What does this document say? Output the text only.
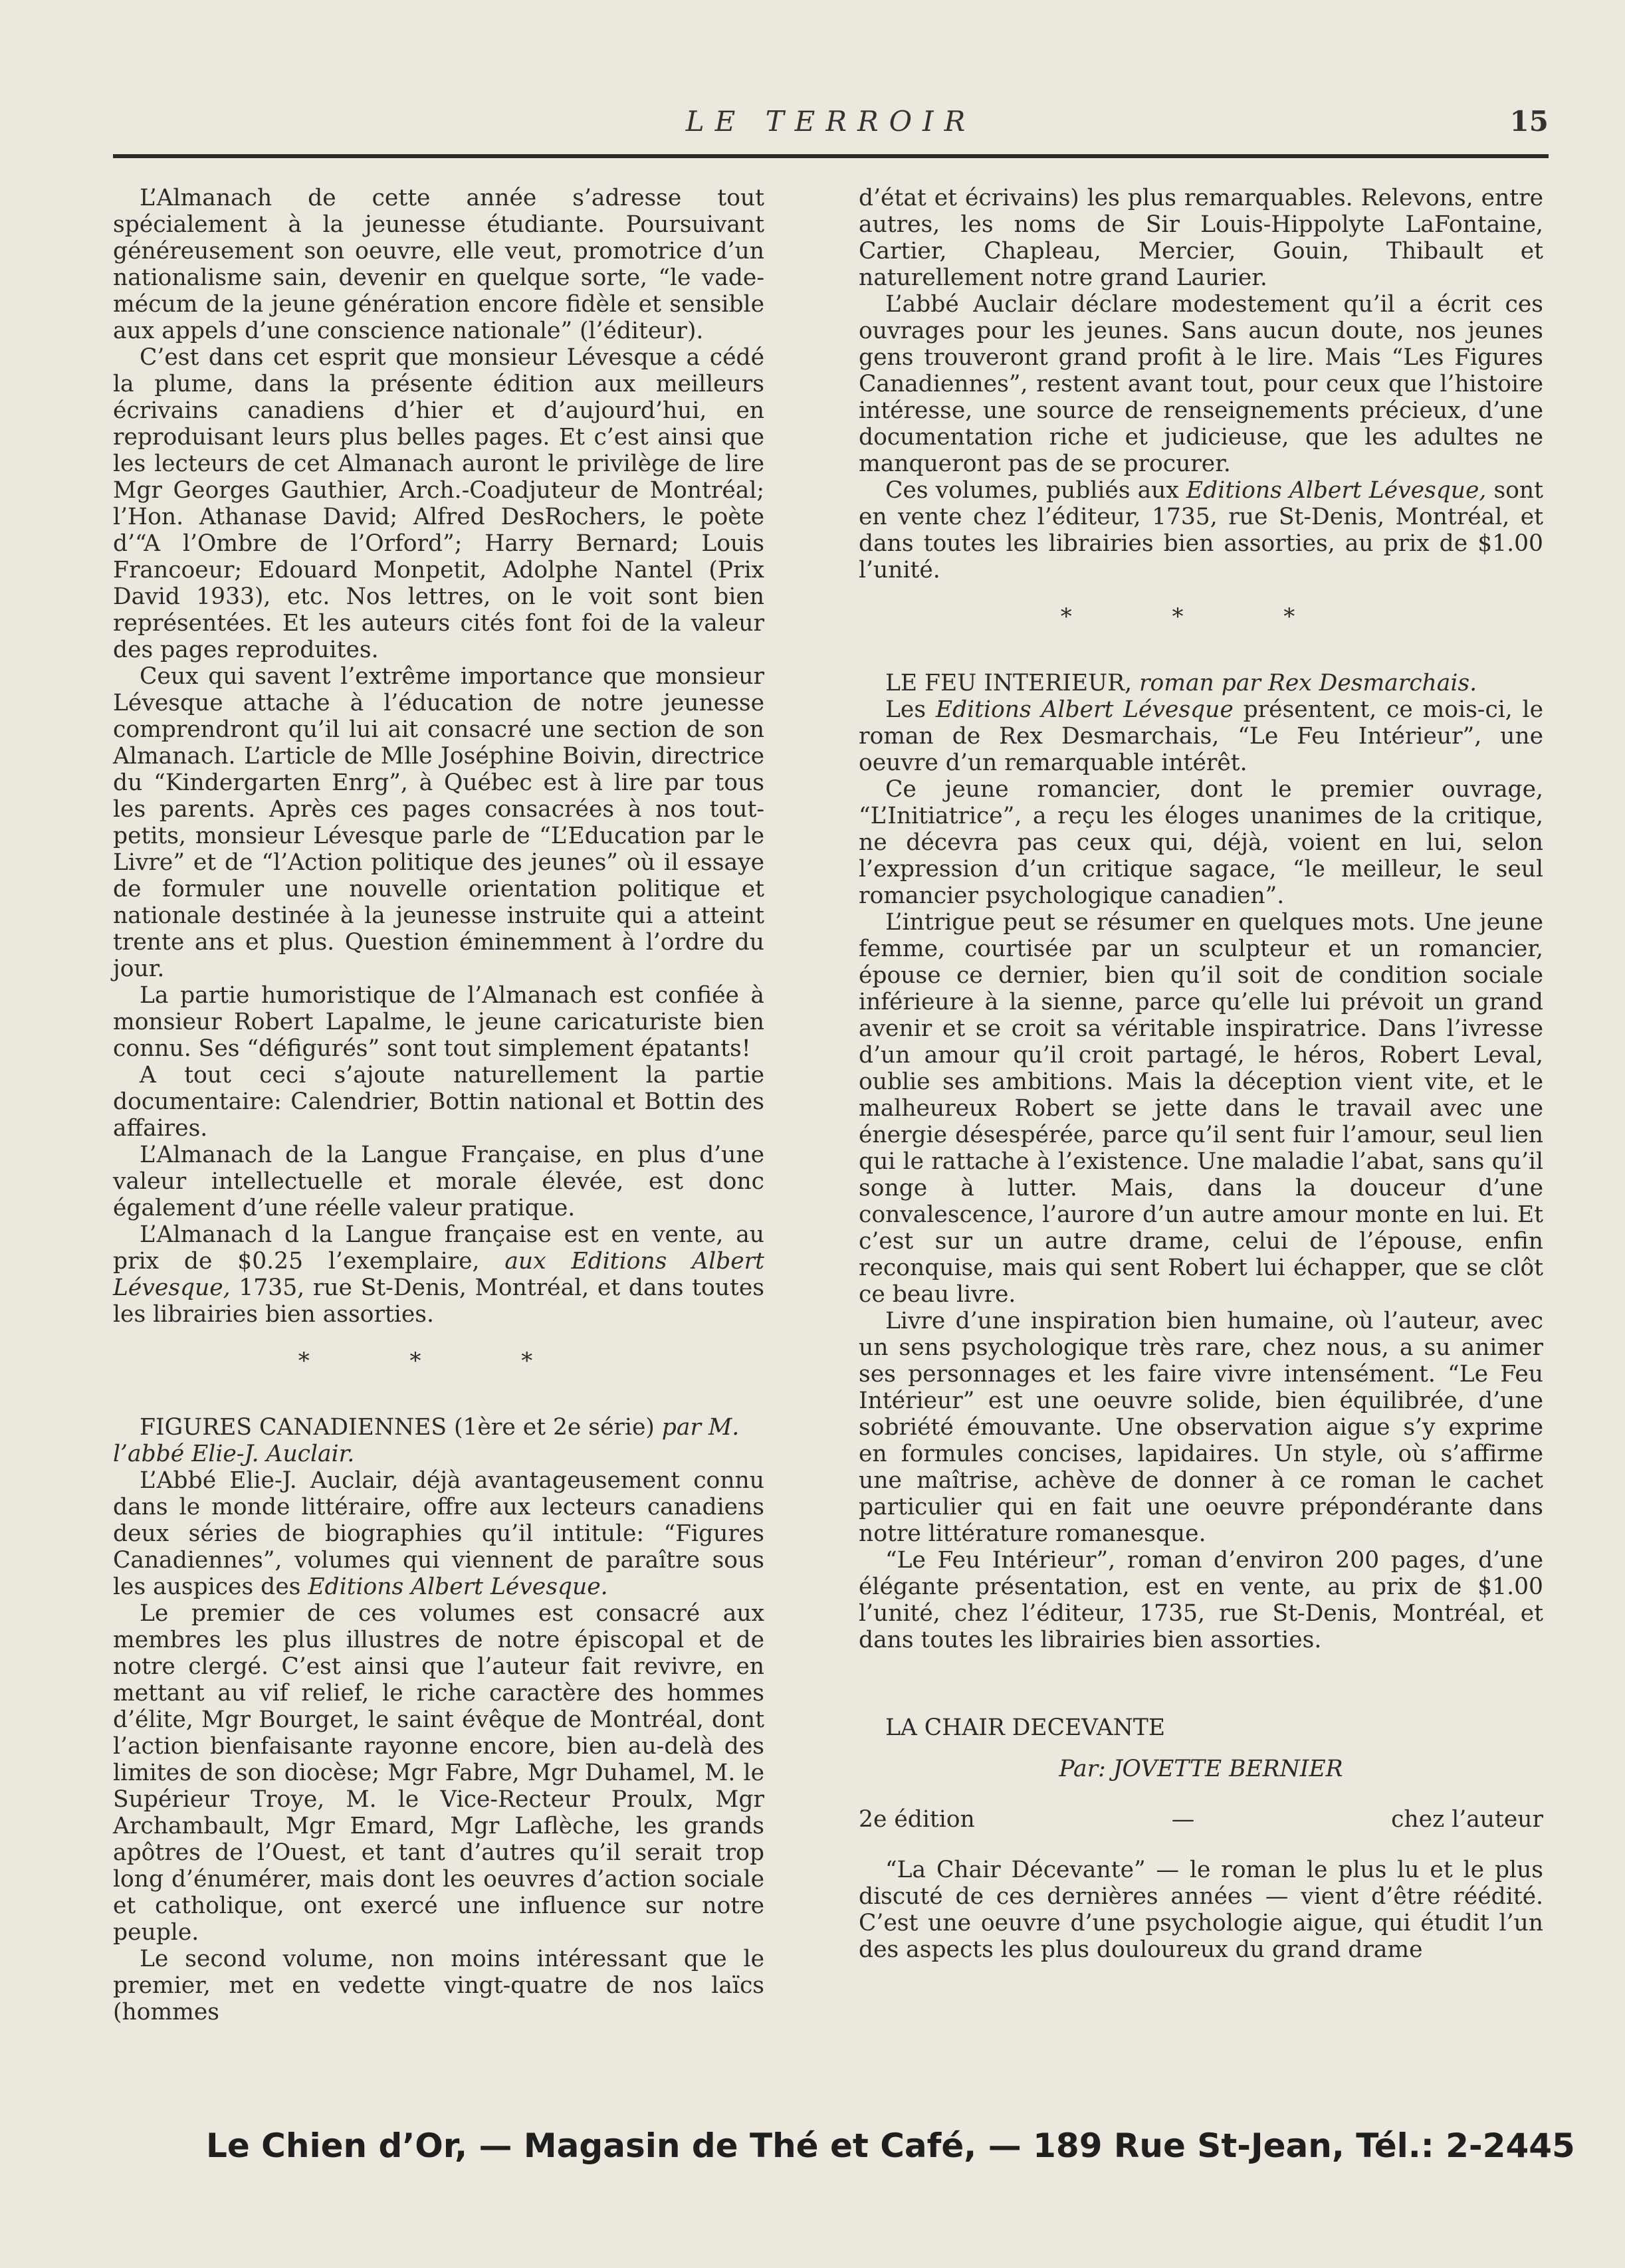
LE TERROIR	15

L’Almanach de cette année s’adresse tout spécialement à la jeunesse étudiante. Poursuivant généreusement son oeuvre, elle veut, promotrice d’un nationalisme sain, devenir en quelque sorte, “le vade-mécum de la jeune génération encore fidèle et sensible aux appels d’une conscience nationale” (l’éditeur).

C’est dans cet esprit que monsieur Lévesque a cédé la plume, dans la présente édition aux meilleurs écrivains canadiens d’hier et d’aujourd’hui, en reproduisant leurs plus belles pages. Et c’est ainsi que les lecteurs de cet Almanach auront le privilège de lire Mgr Georges Gauthier, Arch.-Coadjuteur de Montréal; l’Hon. Athanase David; Alfred DesRochers, le poète d’“A l’Ombre de l’Orford”; Harry Bernard; Louis Francoeur; Edouard Monpetit, Adolphe Nantel (Prix David 1933), etc. Nos lettres, on le voit sont bien représentées. Et les auteurs cités font foi de la valeur des pages reproduites.

Ceux qui savent l’extrême importance que monsieur Lévesque attache à l’éducation de notre jeunesse comprendront qu’il lui ait consacré une section de son Almanach. L’article de Mlle Joséphine Boivin, directrice du “Kindergarten Enrg”, à Québec est à lire par tous les parents. Après ces pages consacrées à nos tout-petits, monsieur Lévesque parle de “L’Education par le Livre” et de “l’Action politique des jeunes” où il essaye de formuler une nouvelle orientation politique et nationale destinée à la jeunesse instruite qui a atteint trente ans et plus. Question éminemment à l’ordre du jour.

La partie humoristique de l’Almanach est confiée à monsieur Robert Lapalme, le jeune caricaturiste bien connu. Ses “défigurés” sont tout simplement épatants!

A tout ceci s’ajoute naturellement la partie documentaire: Calendrier, Bottin national et Bottin des affaires.

L’Almanach de la Langue Française, en plus d’une valeur intellectuelle et morale élevée, est donc également d’une réelle valeur pratique.

L’Almanach d la Langue française est en vente, au prix de $0.25 l’exemplaire, aux Editions Albert Lévesque, 1735, rue St-Denis, Montréal, et dans toutes les librairies bien assorties.

* * *

FIGURES CANADIENNES (1ère et 2e série) par M. l’abbé Elie-J. Auclair.

L’Abbé Elie-J. Auclair, déjà avantageusement connu dans le monde littéraire, offre aux lecteurs canadiens deux séries de biographies qu’il intitule: “Figures Canadiennes”, volumes qui viennent de paraître sous les auspices des Editions Albert Lévesque.

Le premier de ces volumes est consacré aux membres les plus illustres de notre épiscopal et de notre clergé. C’est ainsi que l’auteur fait revivre, en mettant au vif relief, le riche caractère des hommes d’élite, Mgr Bourget, le saint évêque de Montréal, dont l’action bienfaisante rayonne encore, bien au-delà des limites de son diocèse; Mgr Fabre, Mgr Duhamel, M. le Supérieur Troye, M. le Vice-Recteur Proulx, Mgr Archambault, Mgr Emard, Mgr Laflèche, les grands apôtres de l’Ouest, et tant d’autres qu’il serait trop long d’énumérer, mais dont les oeuvres d’action sociale et catholique, ont exercé une influence sur notre peuple.

Le second volume, non moins intéressant que le premier, met en vedette vingt-quatre de nos laïcs (hommes

d’état et écrivains) les plus remarquables. Relevons, entre autres, les noms de Sir Louis-Hippolyte LaFontaine, Cartier, Chapleau, Mercier, Gouin, Thibault et naturellement notre grand Laurier.

L’abbé Auclair déclare modestement qu’il a écrit ces ouvrages pour les jeunes. Sans aucun doute, nos jeunes gens trouveront grand profit à le lire. Mais “Les Figures Canadiennes”, restent avant tout, pour ceux que l’histoire intéresse, une source de renseignements précieux, d’une documentation riche et judicieuse, que les adultes ne manqueront pas de se procurer.

Ces volumes, publiés aux Editions Albert Lévesque, sont en vente chez l’éditeur, 1735, rue St-Denis, Montréal, et dans toutes les librairies bien assorties, au prix de $1.00 l’unité.

* * *

LE FEU INTERIEUR, roman par Rex Desmarchais.

Les Editions Albert Lévesque présentent, ce mois-ci, le roman de Rex Desmarchais, “Le Feu Intérieur”, une oeuvre d’un remarquable intérêt.

Ce jeune romancier, dont le premier ouvrage, “L’Initiatrice”, a reçu les éloges unanimes de la critique, ne décevra pas ceux qui, déjà, voient en lui, selon l’expression d’un critique sagace, “le meilleur, le seul romancier psychologique canadien”.

L’intrigue peut se résumer en quelques mots. Une jeune femme, courtisée par un sculpteur et un romancier, épouse ce dernier, bien qu’il soit de condition sociale inférieure à la sienne, parce qu’elle lui prévoit un grand avenir et se croit sa véritable inspiratrice. Dans l’ivresse d’un amour qu’il croit partagé, le héros, Robert Leval, oublie ses ambitions. Mais la déception vient vite, et le malheureux Robert se jette dans le travail avec une énergie désespérée, parce qu’il sent fuir l’amour, seul lien qui le rattache à l’existence. Une maladie l’abat, sans qu’il songe à lutter. Mais, dans la douceur d’une convalescence, l’aurore d’un autre amour monte en lui. Et c’est sur un autre drame, celui de l’épouse, enfin reconquise, mais qui sent Robert lui échapper, que se clôt ce beau livre.

Livre d’une inspiration bien humaine, où l’auteur, avec un sens psychologique très rare, chez nous, a su animer ses personnages et les faire vivre intensément. “Le Feu Intérieur” est une oeuvre solide, bien équilibrée, d’une sobriété émouvante. Une observation aigue s’y exprime en formules concises, lapidaires. Un style, où s’affirme une maîtrise, achève de donner à ce roman le cachet particulier qui en fait une oeuvre prépondérante dans notre littérature romanesque.

“Le Feu Intérieur”, roman d’environ 200 pages, d’une élégante présentation, est en vente, au prix de $1.00 l’unité, chez l’éditeur, 1735, rue St-Denis, Montréal, et dans toutes les librairies bien assorties.

LA CHAIR DECEVANTE

Par: JOVETTE BERNIER
2e édition	—	chez l’auteur

“La Chair Décevante” — le roman le plus lu et le plus discuté de ces dernières années — vient d’être réédité. C’est une oeuvre d’une psychologie aigue, qui étudit l’un des aspects les plus douloureux du grand drame

Le Chien d’Or, — Magasin de Thé et Café, — 189 Rue St-Jean, Tél.: 2-2445
